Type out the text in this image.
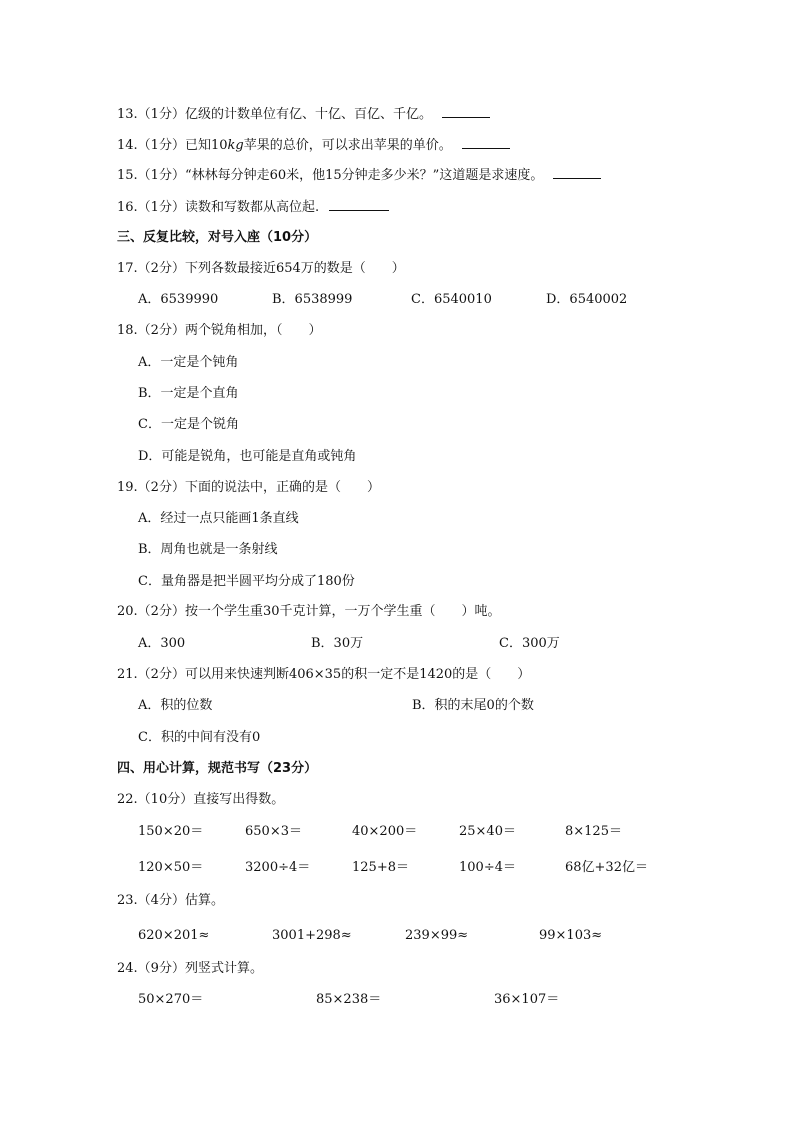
13.（1分）亿级的计数单位有亿、十亿、百亿、千亿。
14.（1分）已知10kg苹果的总价，可以求出苹果的单价。
15.（1分）“林林每分钟走60米，他15分钟走多少米？”这道题是求速度。
16.（1分）读数和写数都从高位起.
三、反复比较，对号入座（10分）
17.（2分）下列各数最接近654万的数是（　　）
A．6539990	B．6538999	C．6540010	D．6540002
18.（2分）两个锐角相加，（　　）
A．一定是个钝角
B．一定是个直角
C．一定是个锐角
D．可能是锐角，也可能是直角或钝角
19.（2分）下面的说法中，正确的是（　　）
A．经过一点只能画1条直线
B．周角也就是一条射线
C．量角器是把半圆平均分成了180份
20.（2分）按一个学生重30千克计算，一万个学生重（　　）吨。
A．300	B．30万	C．300万
21.（2分）可以用来快速判断406×35的积一定不是1420的是（　　）
A．积的位数	B．积的末尾0的个数
C．积的中间有没有0
四、用心计算，规范书写（23分）
22.（10分）直接写出得数。
150×20＝	650×3＝	40×200＝	25×40＝	8×125＝
120×50＝	3200÷4＝	125+8＝	100÷4＝	68亿+32亿＝
23.（4分）估算。
620×201≈	3001+298≈	239×99≈	99×103≈
24.（9分）列竖式计算。
50×270＝	85×238＝	36×107＝
